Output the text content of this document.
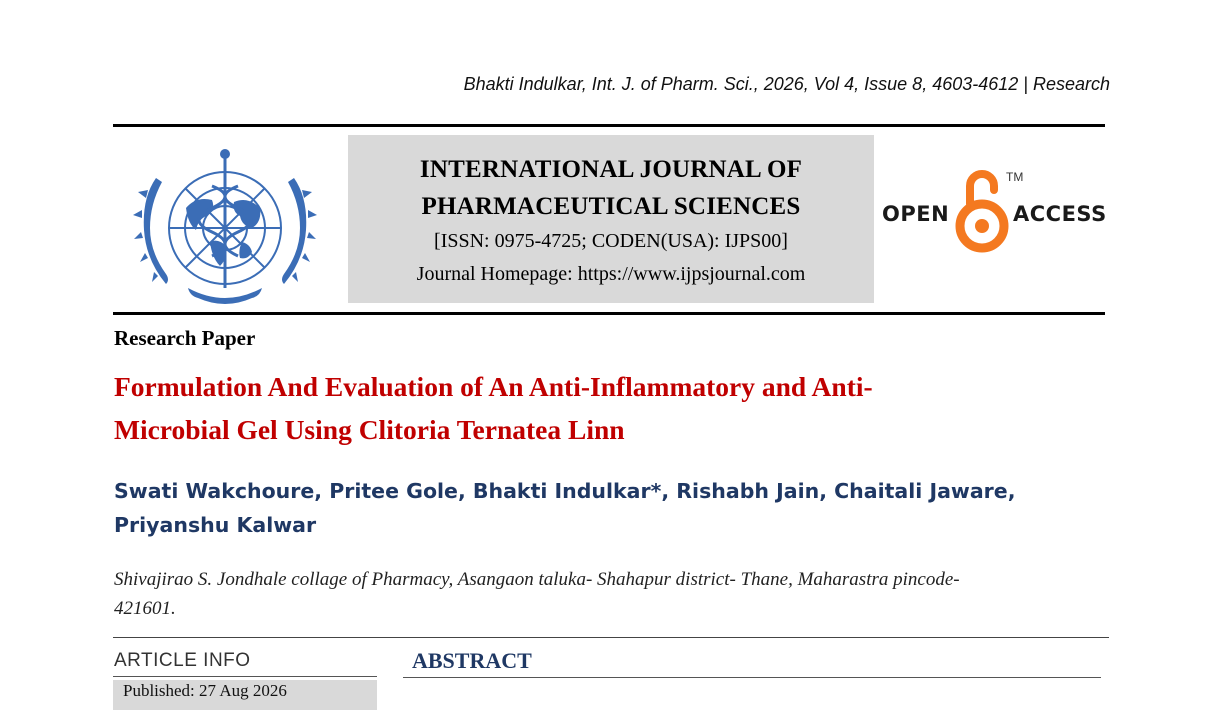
Bhakti Indulkar, Int. J. of Pharm. Sci., 2026, Vol 4, Issue 8, 4603-4612 | Research
INTERNATIONAL JOURNAL OF
PHARMACEUTICAL SCIENCES
[ISSN: 0975-4725; CODEN(USA): IJPS00]
Journal Homepage: https://www.ijpsjournal.com
OPEN
TM
ACCESS
Research Paper
Formulation And Evaluation of An Anti-Inflammatory and Anti-
Microbial Gel Using Clitoria Ternatea Linn
Swati Wakchoure, Pritee Gole, Bhakti Indulkar*, Rishabh Jain, Chaitali Jaware,
Priyanshu Kalwar
Shivajirao S. Jondhale collage of Pharmacy, Asangaon taluka- Shahapur district- Thane, Maharastra pincode-
421601.
ARTICLE INFO
Published: 27 Aug 2026
ABSTRACT
